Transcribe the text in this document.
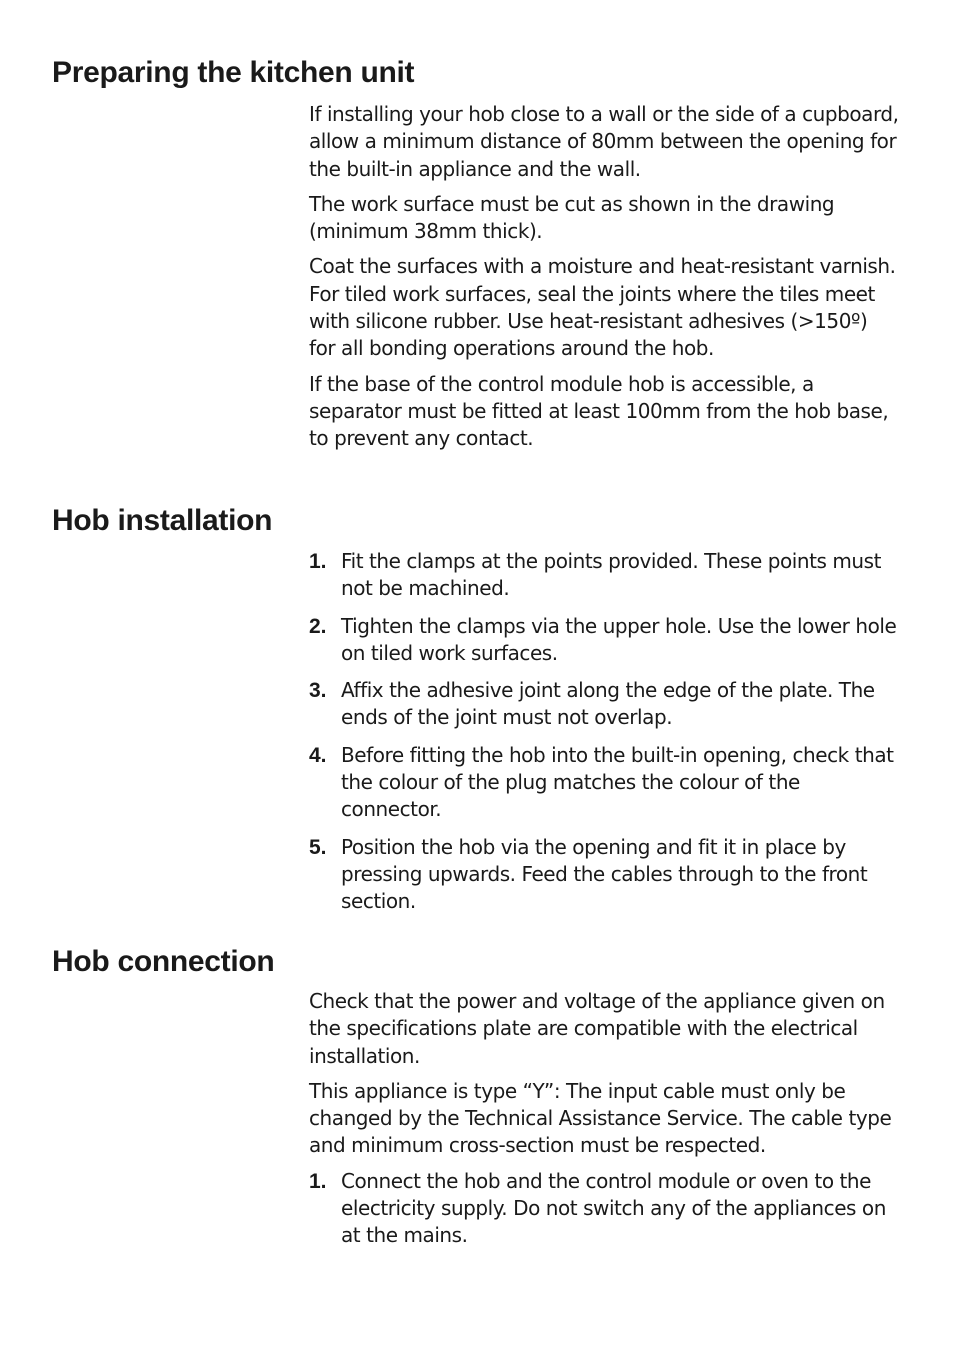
Preparing the kitchen unit

If installing your hob close to a wall or the side of a cupboard, allow a minimum distance of 80mm between the opening for the built-in appliance and the wall.

The work surface must be cut as shown in the drawing (minimum 38mm thick).

Coat the surfaces with a moisture and heat-resistant varnish. For tiled work surfaces, seal the joints where the tiles meet with silicone rubber. Use heat-resistant adhesives (>150º) for all bonding operations around the hob.

If the base of the control module hob is accessible, a separator must be fitted at least 100mm from the hob base, to prevent any contact.

Hob installation
1. Fit the clamps at the points provided. These points must not be machined.
2. Tighten the clamps via the upper hole. Use the lower hole on tiled work surfaces.
3. Affix the adhesive joint along the edge of the plate. The ends of the joint must not overlap.
4. Before fitting the hob into the built-in opening, check that the colour of the plug matches the colour of the connector.
5. Position the hob via the opening and fit it in place by pressing upwards. Feed the cables through to the front section.
Hob connection

Check that the power and voltage of the appliance given on the specifications plate are compatible with the electrical installation.

This appliance is type “Y”: The input cable must only be changed by the Technical Assistance Service. The cable type and minimum cross-section must be respected.

1. Connect the hob and the control module or oven to the electricity supply. Do not switch any of the appliances on at the mains.
